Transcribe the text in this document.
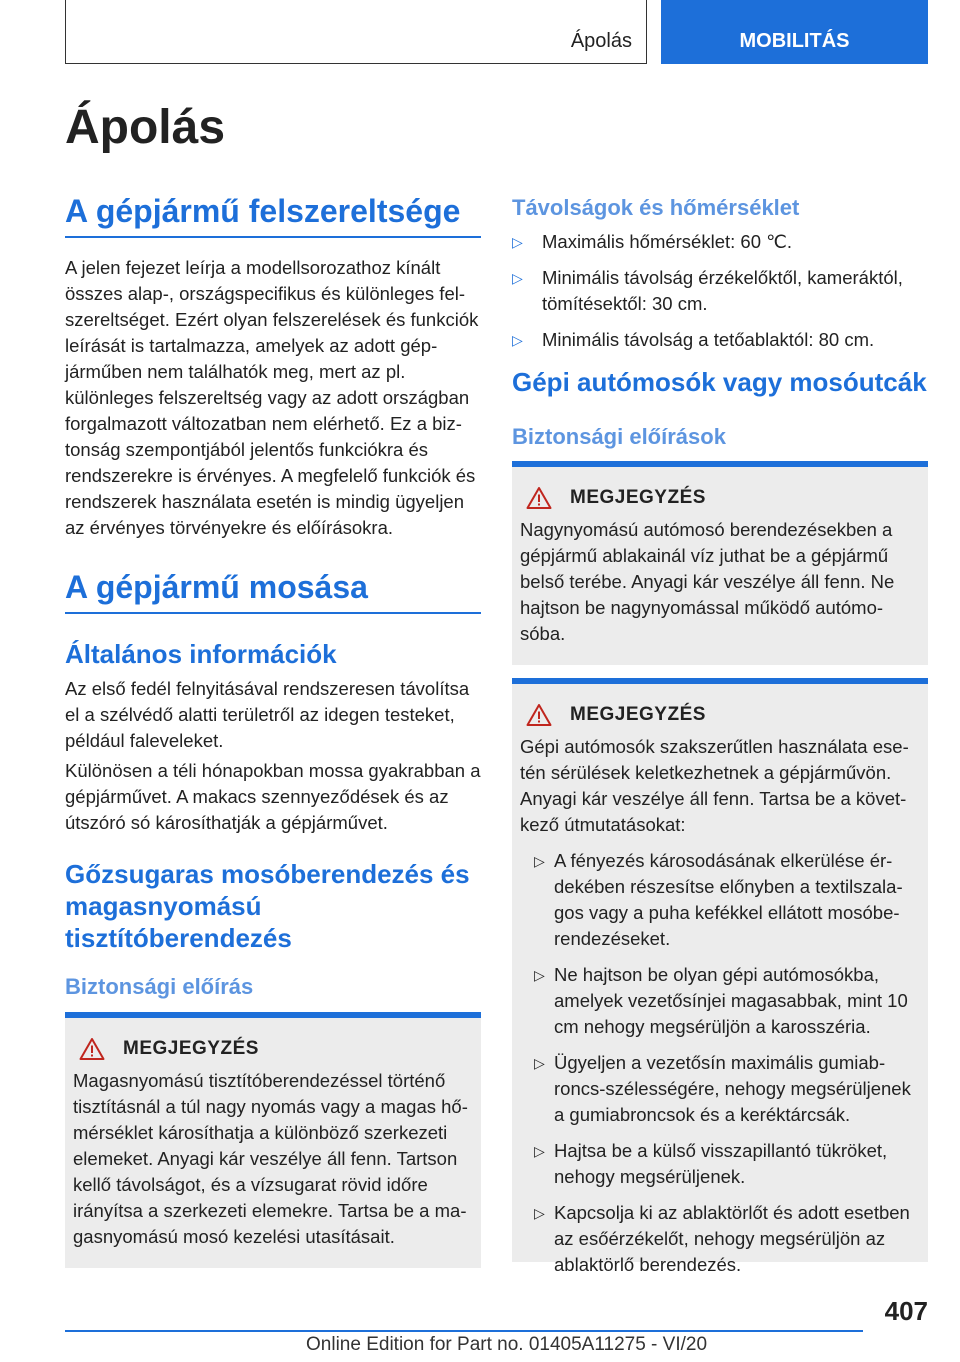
Ápolás	MOBILITÁS
Ápolás
A gépjármű felszereltsége

A jelen fejezet leírja a modellsorozathoz kínált összes alap-, országspecifikus és különleges felszereltséget. Ezért olyan felszerelések és funkciók leírását is tartalmazza, amelyek az adott gépjárműben nem találhatók meg, mert az pl. különleges felszereltség vagy az adott országban forgalmazott változatban nem elérhető. Ez a biztonság szempontjából jelentős funkciókra és rendszerekre is érvényes. A megfelelő funkciók és rendszerek használata esetén is mindig ügyeljen az érvényes törvényekre és előírásokra.

A gépjármű mosása
Általános információk

Az első fedél felnyitásával rendszeresen távolítsa el a szélvédő alatti területről az idegen testeket, például faleveleket.

Különösen a téli hónapokban mossa gyakrabban a gépjárművet. A makacs szennyeződések és az útszóró só károsíthatják a gépjárművet.

Gőzsugaras mosóberendezés és magasnyomású tisztítóberendezés
Biztonsági előírás
MEGJEGYZÉS

Magasnyomású tisztítóberendezéssel történő tisztításnál a túl nagy nyomás vagy a magas hőmérséklet károsíthatja a különböző szerkezeti elemeket. Anyagi kár veszélye áll fenn. Tartson kellő távolságot, és a vízsugarat rövid időre irányítsa a szerkezeti elemekre. Tartsa be a magasnyomású mosó kezelési utasításait.

Távolságok és hőmérséklet
▷ Maximális hőmérséklet: 60 ℃.
▷ Minimális távolság érzékelőktől, kameráktól, tömítésektől: 30 cm.
▷ Minimális távolság a tetőablaktól: 80 cm.
Gépi autómosók vagy mosóutcák
Biztonsági előírások
MEGJEGYZÉS

Nagynyomású autómosó berendezésekben a gépjármű ablakainál víz juthat be a gépjármű belső terébe. Anyagi kár veszélye áll fenn. Ne hajtson be nagynyomással működő autómosóba.

MEGJEGYZÉS

Gépi autómosók szakszerűtlen használata esetén sérülések keletkezhetnek a gépjárművön. Anyagi kár veszélye áll fenn. Tartsa be a következő útmutatásokat:

▷ A fényezés károsodásának elkerülése érdekében részesítse előnyben a textilszalagos vagy a puha kefékkel ellátott mosóberendezéseket.
▷ Ne hajtson be olyan gépi autómosókba, amelyek vezetősínjei magasabbak, mint 10 cm nehogy megsérüljön a karosszéria.
▷ Ügyeljen a vezetősín maximális gumiabroncs-szélességére, nehogy megsérüljenek a gumiabroncsok és a keréktárcsák.
▷ Hajtsa be a külső visszapillantó tükröket, nehogy megsérüljenek.
▷ Kapcsolja ki az ablaktörlőt és adott esetben az esőérzékelőt, nehogy megsérüljön az ablaktörlő berendezés.
407
Online Edition for Part no. 01405A11275 - VI/20
